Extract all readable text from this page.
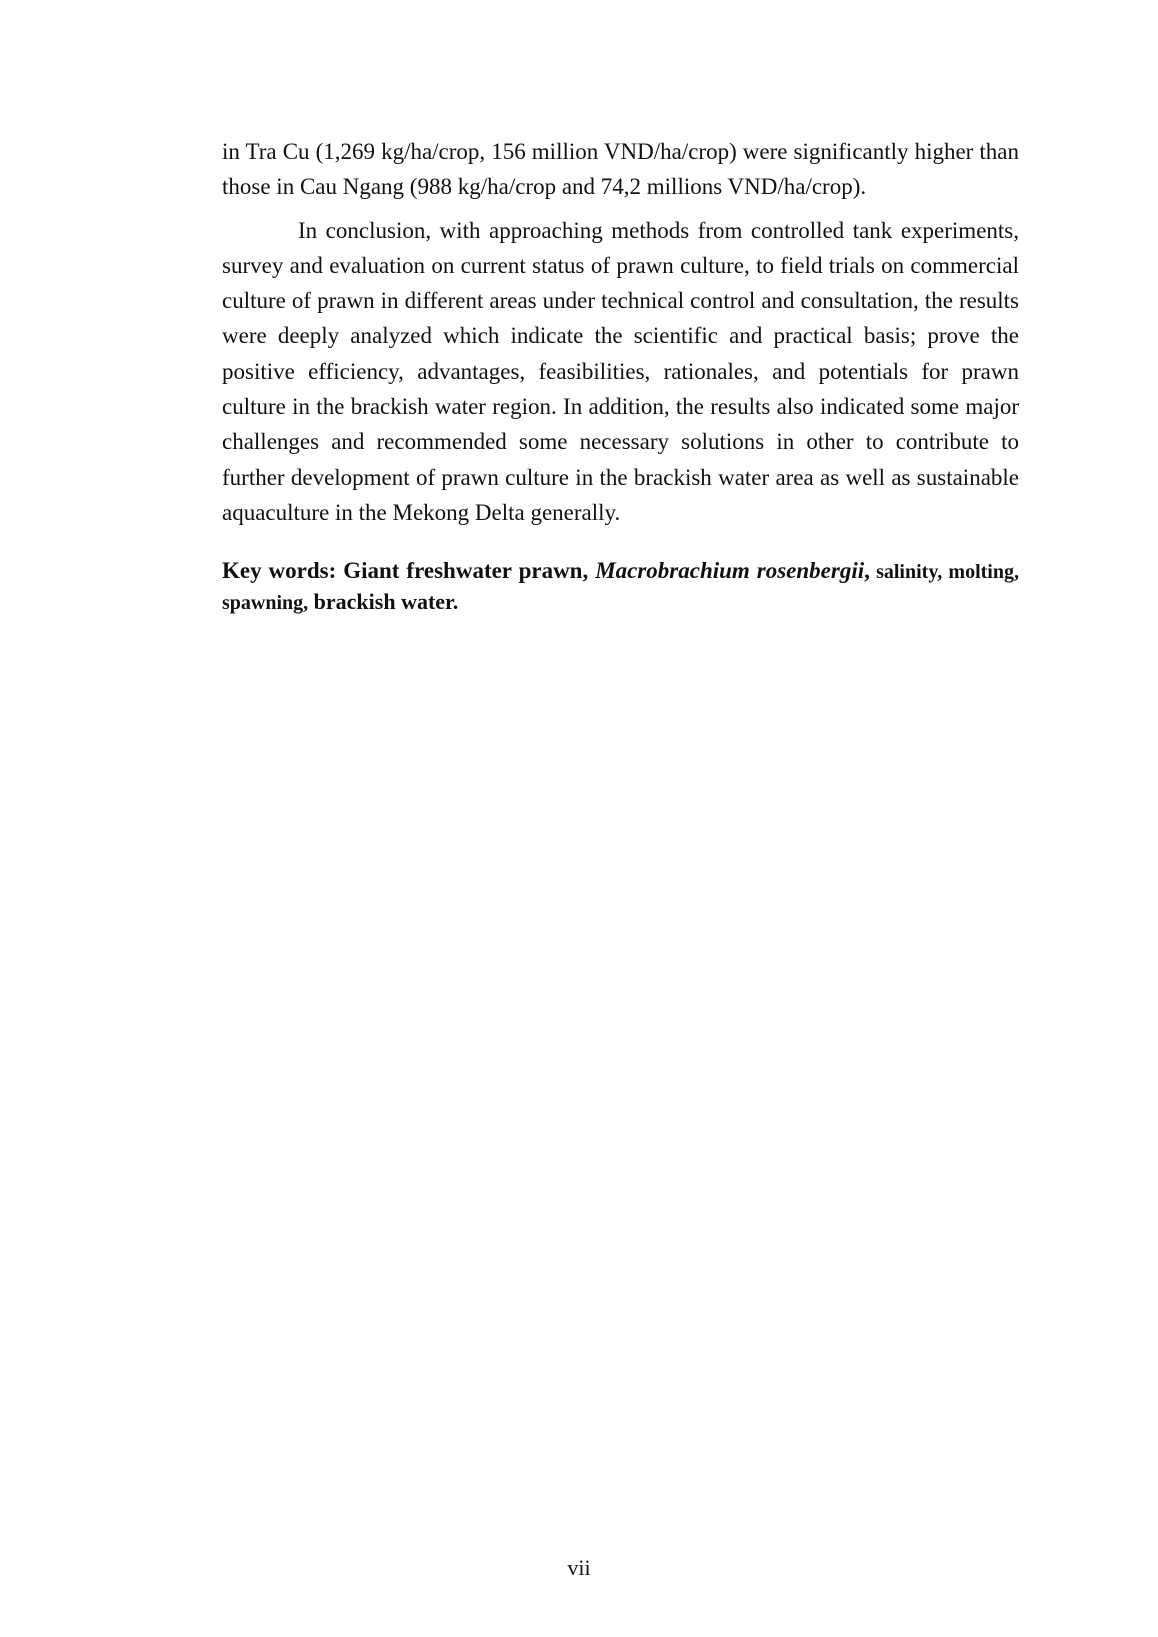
in Tra Cu (1,269 kg/ha/crop, 156 million VND/ha/crop) were significantly higher than those in Cau Ngang (988 kg/ha/crop and 74,2 millions VND/ha/crop).

In conclusion, with approaching methods from controlled tank experiments, survey and evaluation on current status of prawn culture, to field trials on commercial culture of prawn in different areas under technical control and consultation, the results were deeply analyzed which indicate the scientific and practical basis; prove the positive efficiency, advantages, feasibilities, rationales, and potentials for prawn culture in the brackish water region. In addition, the results also indicated some major challenges and recommended some necessary solutions in other to contribute to further development of prawn culture in the brackish water area as well as sustainable aquaculture in the Mekong Delta generally.

Key words: Giant freshwater prawn, Macrobrachium rosenbergii, salinity, molting, spawning, brackish water.

vii
